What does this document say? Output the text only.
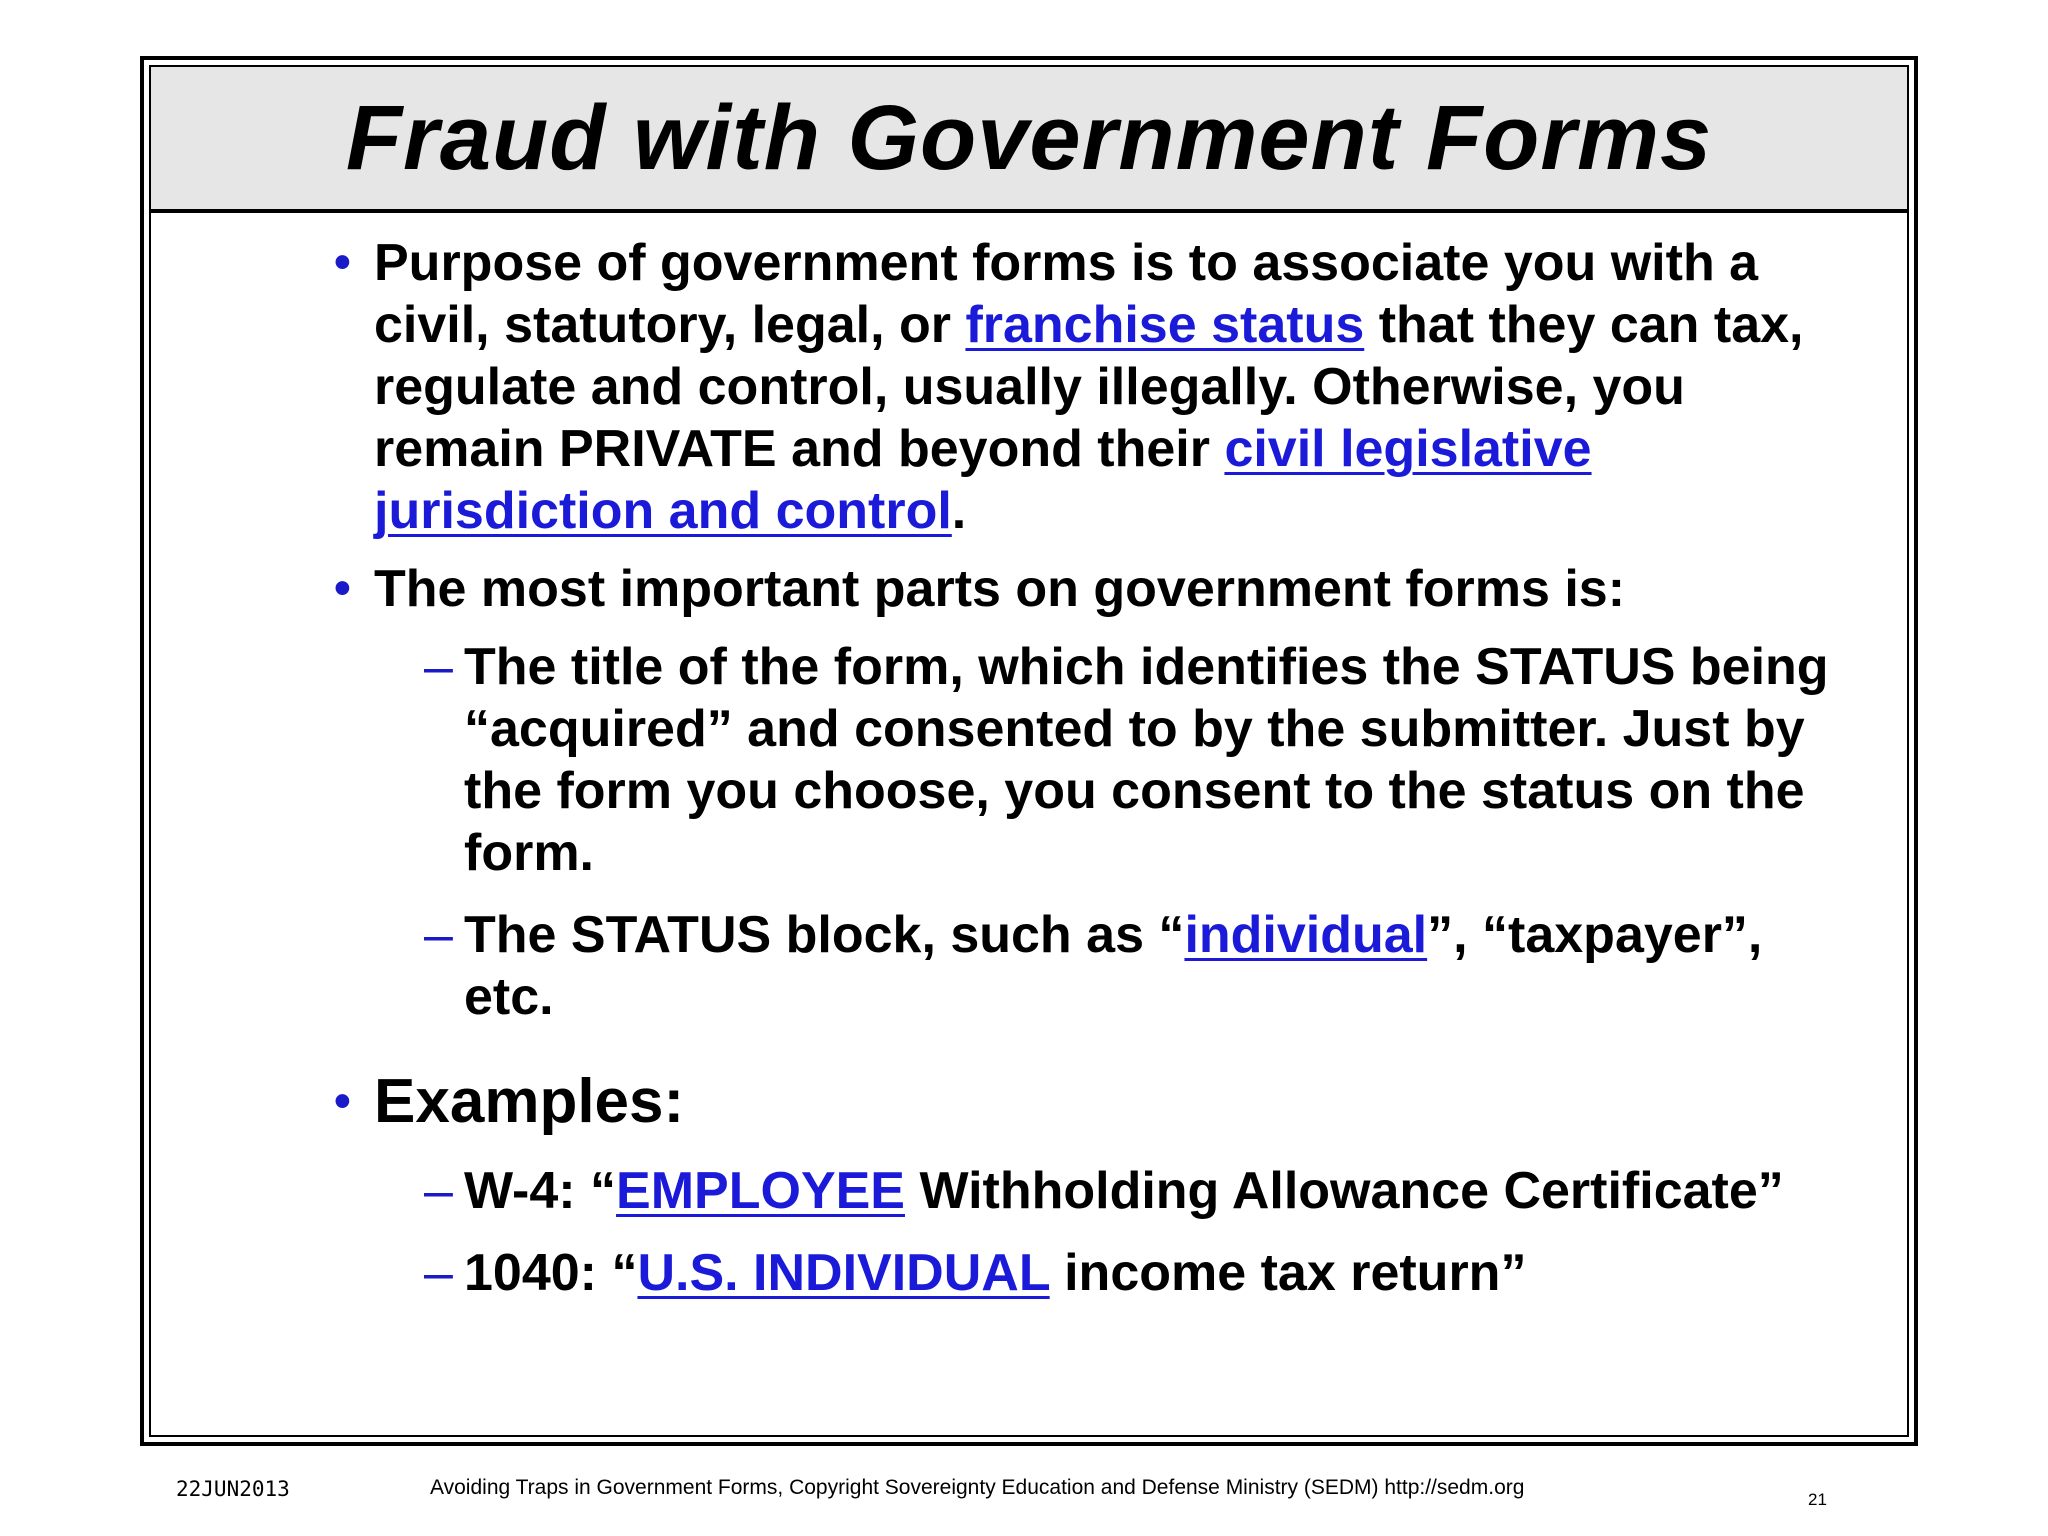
Fraud with Government Forms
• Purpose of government forms is to associate you with a civil, statutory, legal, or franchise status that they can tax, regulate and control, usually illegally. Otherwise, you remain PRIVATE and beyond their civil legislative jurisdiction and control.
• The most important parts on government forms is:
– The title of the form, which identifies the STATUS being “acquired” and consented to by the submitter. Just by the form you choose, you consent to the status on the form.
– The STATUS block, such as “individual”, “taxpayer”, etc.
• Examples:
– W-4: “EMPLOYEE Withholding Allowance Certificate”
– 1040: “U.S. INDIVIDUAL income tax return”
22JUN2013	Avoiding Traps in Government Forms, Copyright Sovereignty Education and Defense Ministry (SEDM) http://sedm.org
21
